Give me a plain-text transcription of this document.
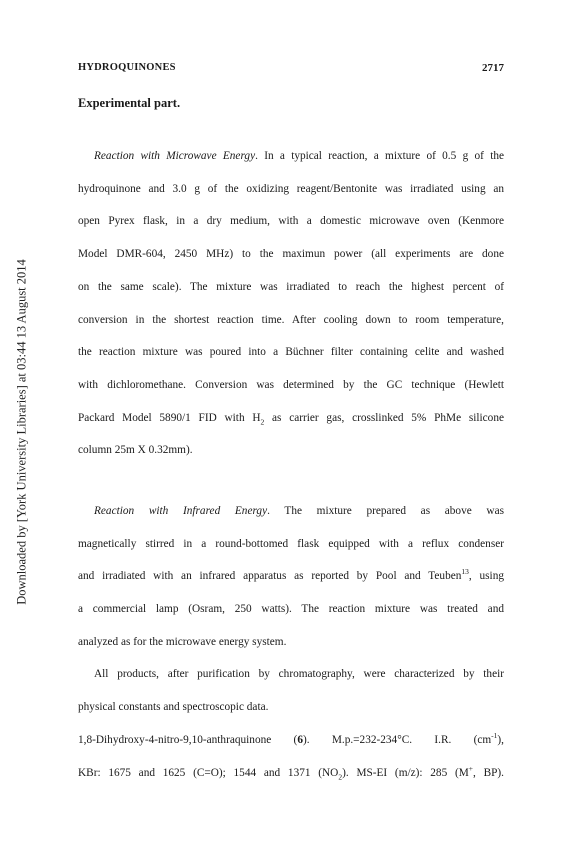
Downloaded by [York University Libraries] at 03:44 13 August 2014
HYDROQUINONES	2717
Experimental part.
Reaction with Microwave Energy. In a typical reaction, a mixture of 0.5 g of the
hydroquinone and 3.0 g of the oxidizing reagent/Bentonite was irradiated using an
open Pyrex flask, in a dry medium, with a domestic microwave oven (Kenmore
Model DMR-604, 2450 MHz) to the maximun power (all experiments are done
on the same scale). The mixture was irradiated to reach the highest percent of
conversion in the shortest reaction time. After cooling down to room temperature,
the reaction mixture was poured into a Büchner filter containing celite and washed
with dichloromethane. Conversion was determined by the GC technique (Hewlett
Packard Model 5890/1 FID with $H_2$ as carrier gas, crosslinked 5% PhMe silicone
column 25m X 0.32mm).
Reaction with Infrared Energy. The mixture prepared as above was
magnetically stirred in a round-bottomed flask equipped with a reflux condenser
and irradiated with an infrared apparatus as reported by Pool and Teuben$^{13}$, using
a commercial lamp (Osram, 250 watts). The reaction mixture was treated and
analyzed as for the microwave energy system.
All products, after purification by chromatography, were characterized by their
physical constants and spectroscopic data.
1,8-Dihydroxy-4-nitro-9,10-anthraquinone (6). M.p.=232-234°C. I.R. $(cm^{-1})$,
KBr: 1675 and 1625 (C=O); 1544 and 1371 $(NO_2)$. MS-EI (m/z): 285 (M+, BP).
